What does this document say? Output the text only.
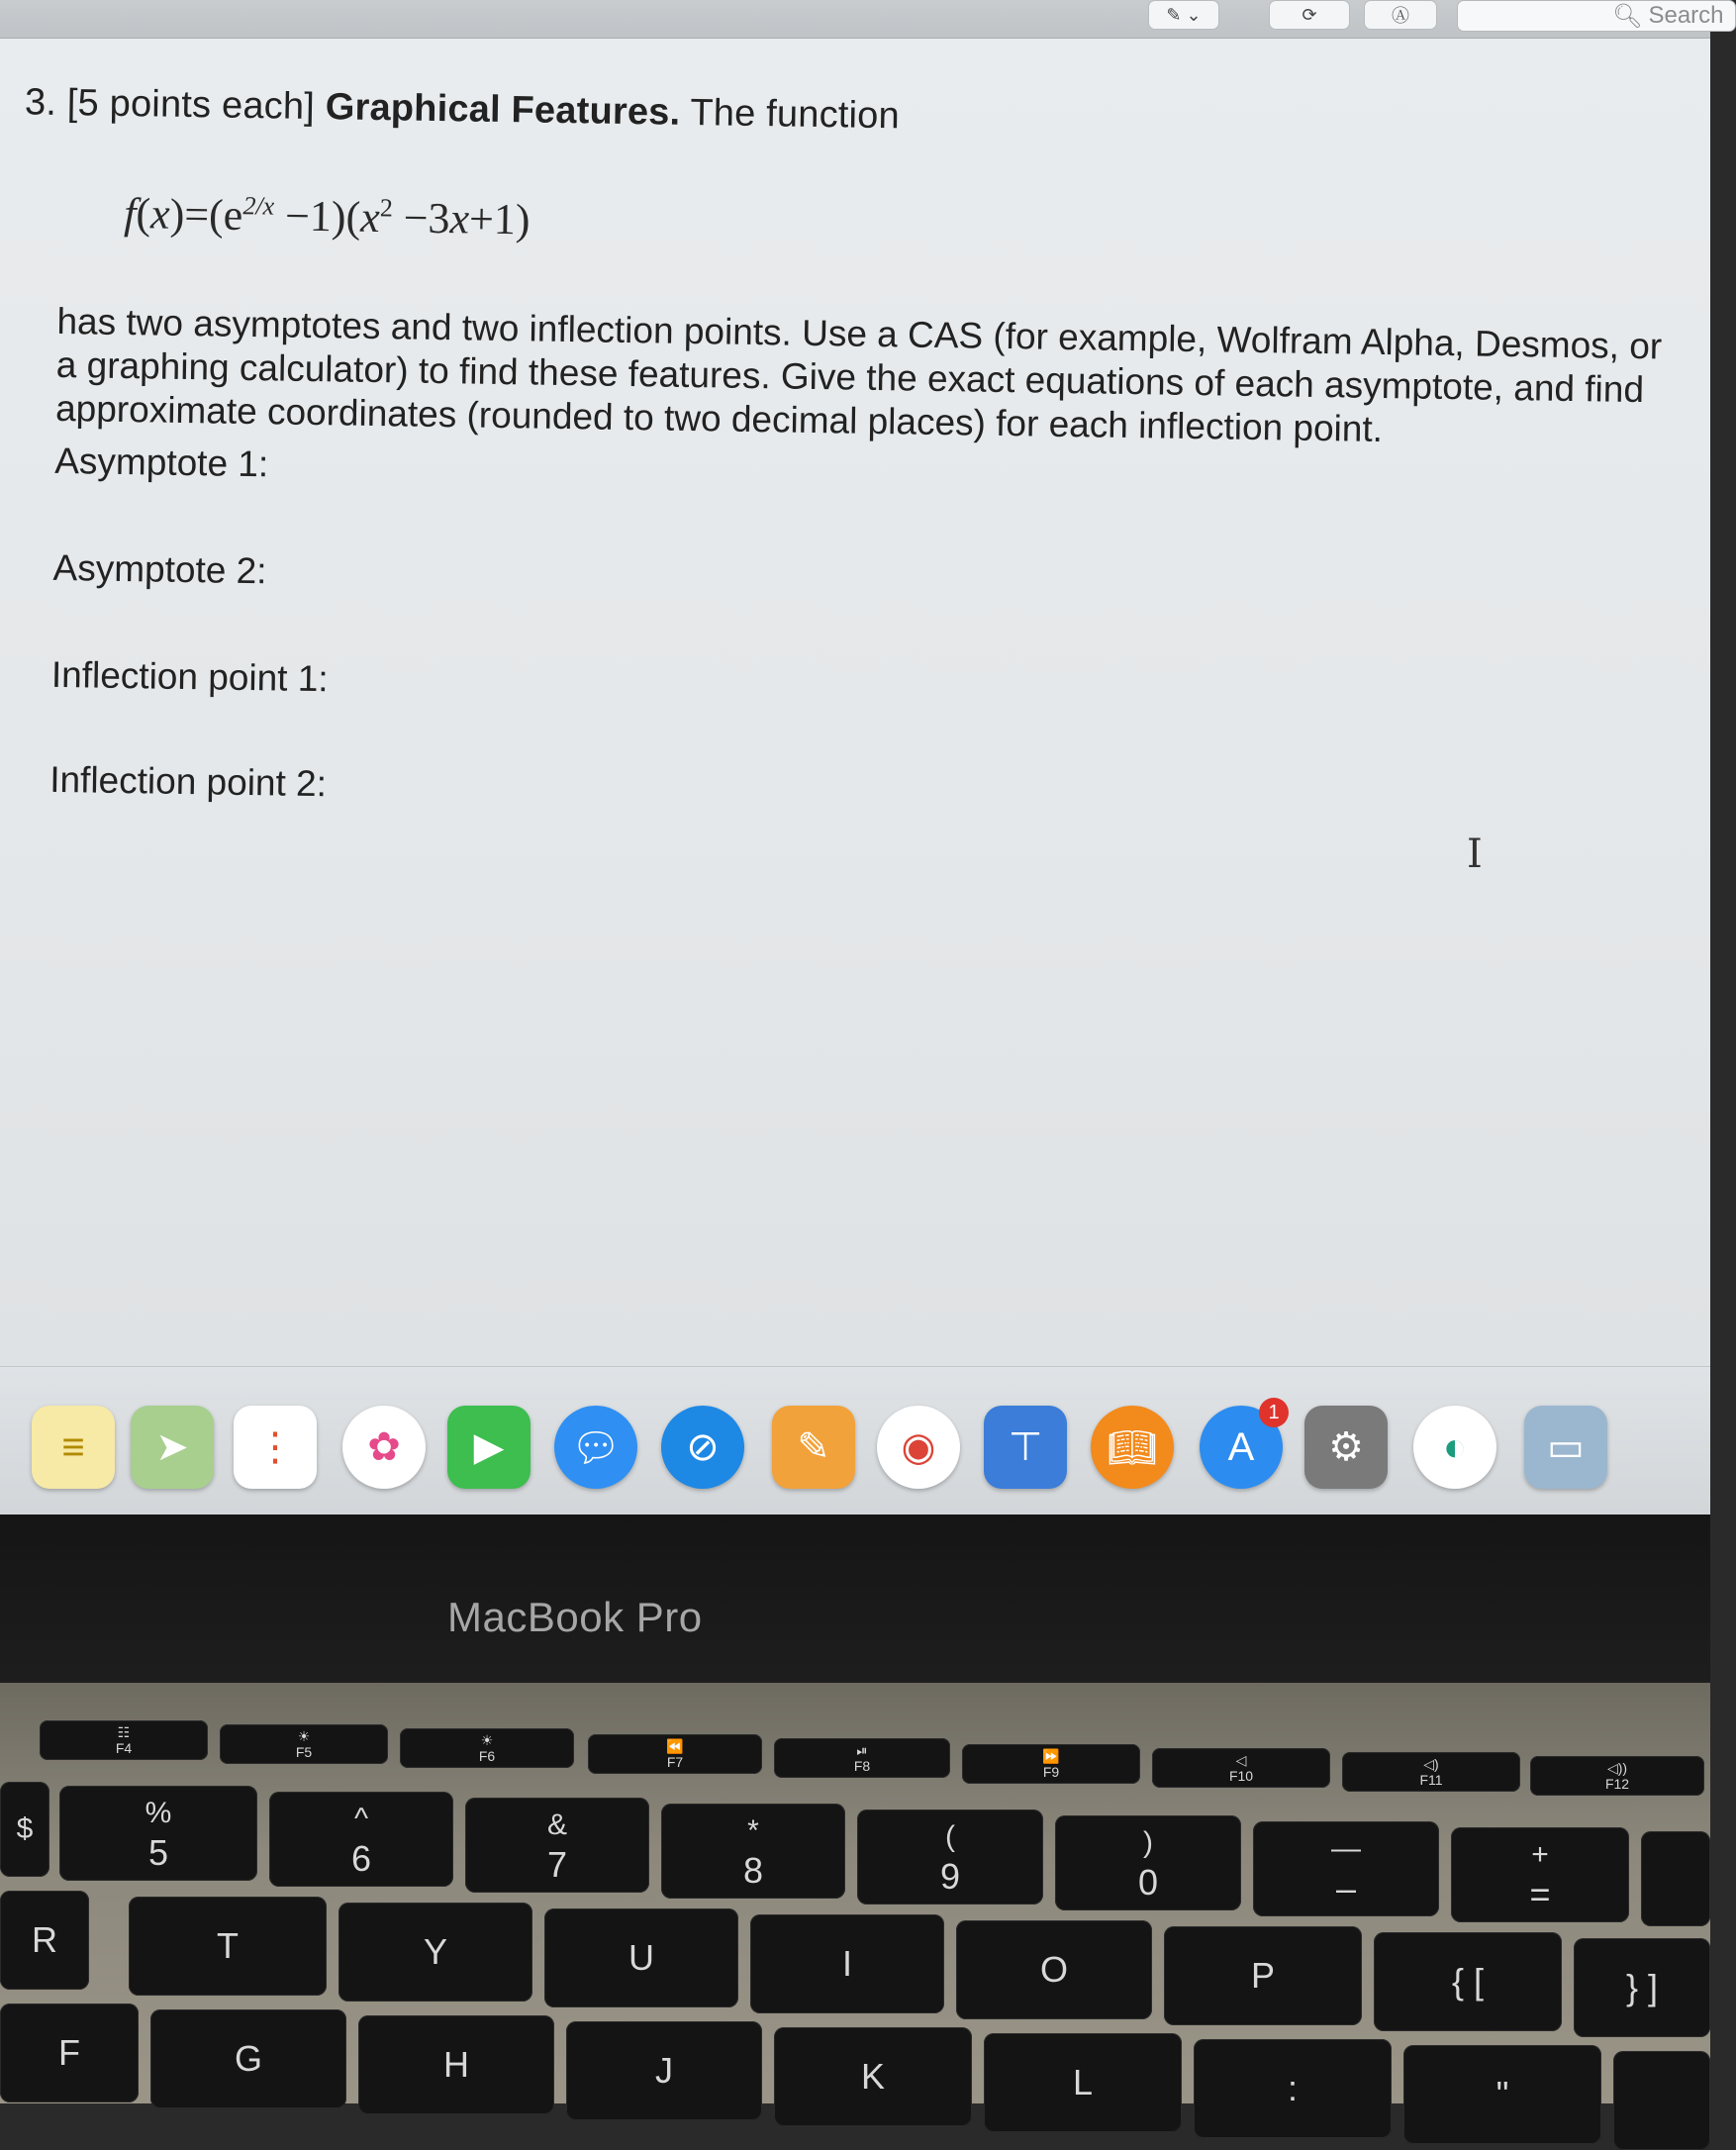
✎ ⌄	⟳	Ⓐ	🔍︎ Search
3. [5 points each] Graphical Features. The function
$f(x)=(e^{2/x} -1)(x^2 -3x+1)$
has two asymptotes and two inflection points. Use a CAS (for example, Wolfram Alpha, Desmos, or a graphing calculator) to find these features. Give the exact equations of each asymptote, and find approximate coordinates (rounded to two decimal places) for each inflection point.
Asymptote 1:
Asymptote 2:
Inflection point 1:
Inflection point 2:
I
≡	➤	⋮	✿	▶	💬︎	⊘	✎	◉	⊤	📖︎	A
1
⚙	◐	▭
MacBook Pro
☷
F4
☀
F5
☀
F6
⏪
F7
⏯
F8
⏩
F9
◁
F10
◁)
F11
◁))
F12
$	%
5
^
6
&
7
*
8
(
9
)
0
—
–
+
=
R	T	Y	U	I	O	P	{ [	} ]
F	G	H	J	K	L	:	"
